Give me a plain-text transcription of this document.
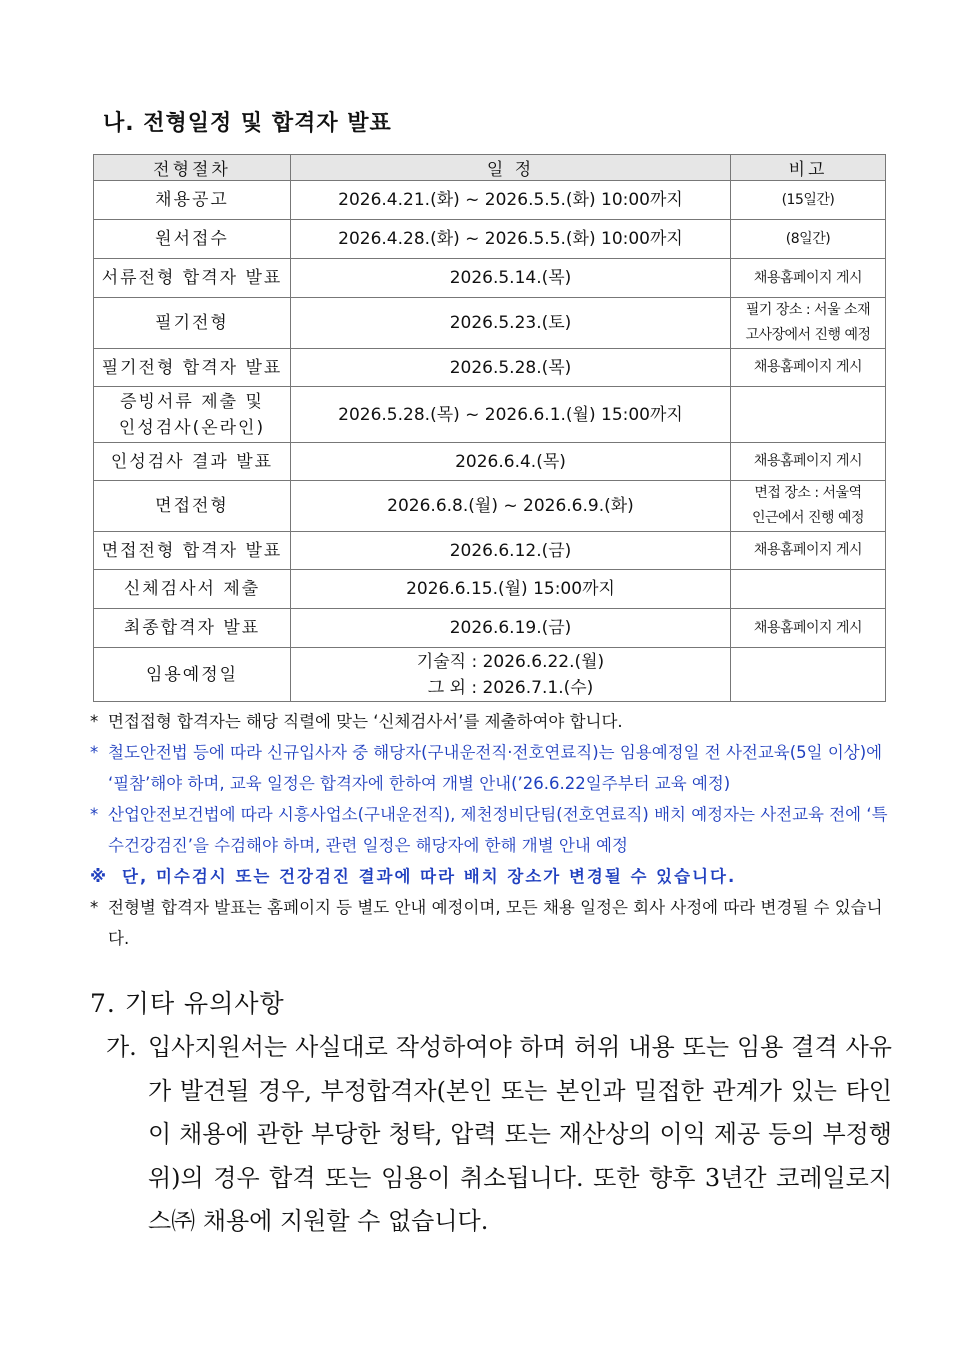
나. 전형일정 및 합격자 발표
전형절차	일 정	비고
채용공고	2026.4.21.(화) ~ 2026.5.5.(화) 10:00까지	(15일간)
원서접수	2026.4.28.(화) ~ 2026.5.5.(화) 10:00까지	(8일간)
서류전형 합격자 발표	2026.5.14.(목)	채용홈페이지 게시
필기전형	2026.5.23.(토)	필기 장소 : 서울 소재
고사장에서 진행 예정

필기전형 합격자 발표	2026.5.28.(목)	채용홈페이지 게시

증빙서류 제출 및
인성검사(온라인)	2026.5.28.(목) ~ 2026.6.1.(월) 15:00까지	
인성검사 결과 발표	2026.6.4.(목)	채용홈페이지 게시
면접전형	2026.6.8.(월) ~ 2026.6.9.(화)	면접 장소 : 서울역
인근에서 진행 예정

면접전형 합격자 발표	2026.6.12.(금)	채용홈페이지 게시
신체검사서 제출	2026.6.15.(월) 15:00까지	
최종합격자 발표	2026.6.19.(금)	채용홈페이지 게시
임용예정일	기술직 : 2026.6.22.(월)
그 외 : 2026.7.1.(수)	

* 면접접형 합격자는 해당 직렬에 맞는 ‘신체검사서’를 제출하여야 합니다.
* 철도안전법 등에 따라 신규입사자 중 해당자(구내운전직·전호연료직)는 임용예정일 전 사전교육(5일 이상)에 ‘필참’해야 하며, 교육 일정은 합격자에 한하여 개별 안내(’26.6.22일주부터 교육 예정)
* 산업안전보건법에 따라 시흥사업소(구내운전직), 제천정비단팀(전호연료직) 배치 예정자는 사전교육 전에 ‘특수건강검진’을 수검해야 하며, 관련 일정은 해당자에 한해 개별 안내 예정
※ 단, 미수검시 또는 건강검진 결과에 따라 배치 장소가 변경될 수 있습니다.
* 전형별 합격자 발표는 홈페이지 등 별도 안내 예정이며, 모든 채용 일정은 회사 사정에 따라 변경될 수 있습니다.
7. 기타 유의사항
가. 입사지원서는 사실대로 작성하여야 하며 허위 내용 또는 임용 결격 사유가 발견될 경우, 부정합격자(본인 또는 본인과 밀접한 관계가 있는 타인이 채용에 관한 부당한 청탁, 압력 또는 재산상의 이익 제공 등의 부정행위)의 경우 합격 또는 임용이 취소됩니다. 또한 향후 3년간 코레일로지스㈜ 채용에 지원할 수 없습니다.
